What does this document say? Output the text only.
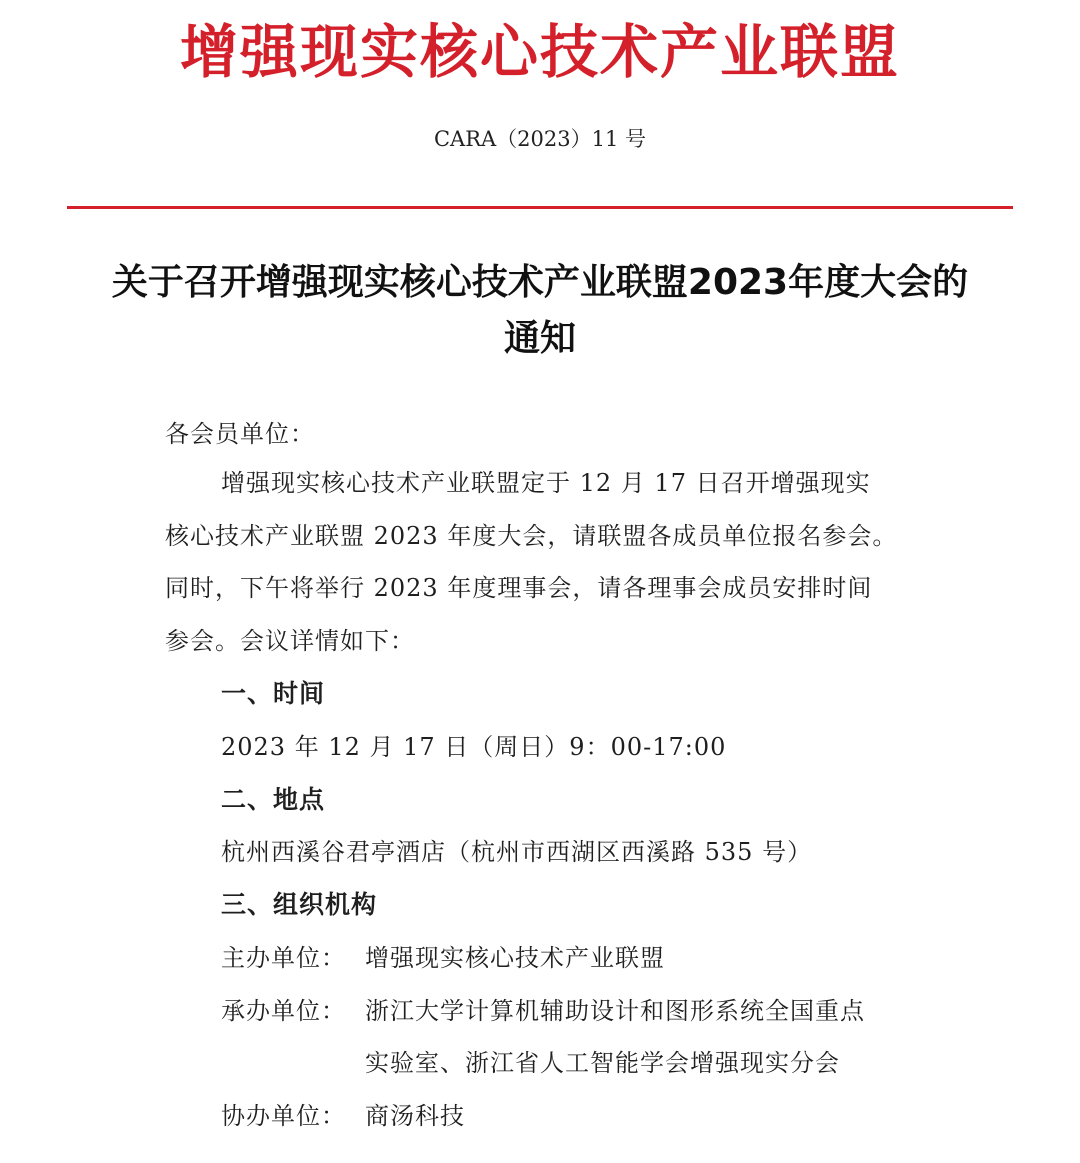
增强现实核心技术产业联盟
CARA（2023）11 号
关于召开增强现实核心技术产业联盟2023年度大会的
通知
各会员单位：
增强现实核心技术产业联盟定于 12 月 17 日召开增强现实
核心技术产业联盟 2023 年度大会，请联盟各成员单位报名参会。
同时，下午将举行 2023 年度理事会，请各理事会成员安排时间
参会。会议详情如下：
一、时间
2023 年 12 月 17 日（周日）9：00-17:00
二、地点
杭州西溪谷君亭酒店（杭州市西湖区西溪路 535 号）
三、组织机构
主办单位： 增强现实核心技术产业联盟
承办单位： 浙江大学计算机辅助设计和图形系统全国重点
实验室、浙江省人工智能学会增强现实分会
协办单位： 商汤科技
